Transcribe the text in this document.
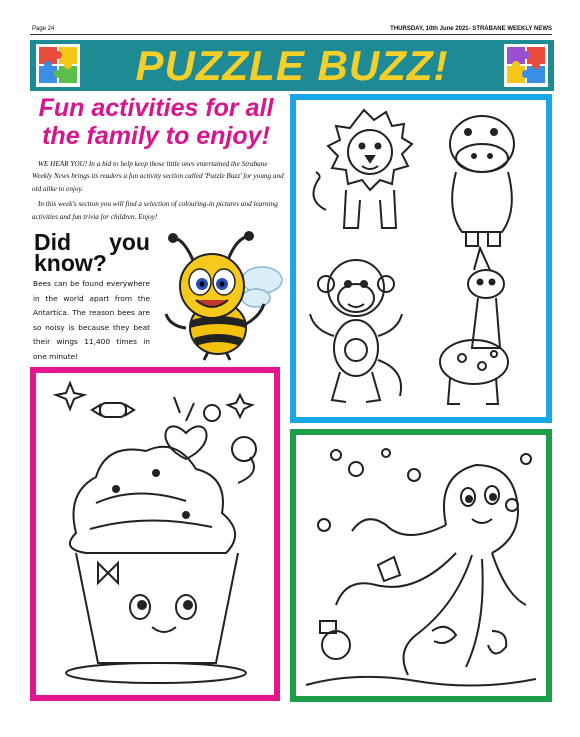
Page 24	THURSDAY, 10th June 2021- STRABANE WEEKLY NEWS
PUZZLE BUZZ!
Fun activities for all the family to enjoy!

WE HEAR YOU! In a bid to help keep those little ones entertained the Strabane Weekly News brings its readers a fun activity section called 'Puzzle Buzz' for young and old alike to enjoy.

In this week's section you will find a selection of colouring-in pictures and learning activities and fun trivia for children. Enjoy!

Did you
know?
Bees can be found everywhere in the world apart from the Antartica. The reason bees are so noisy is because they beat their wings 11,400 times in one minute!
